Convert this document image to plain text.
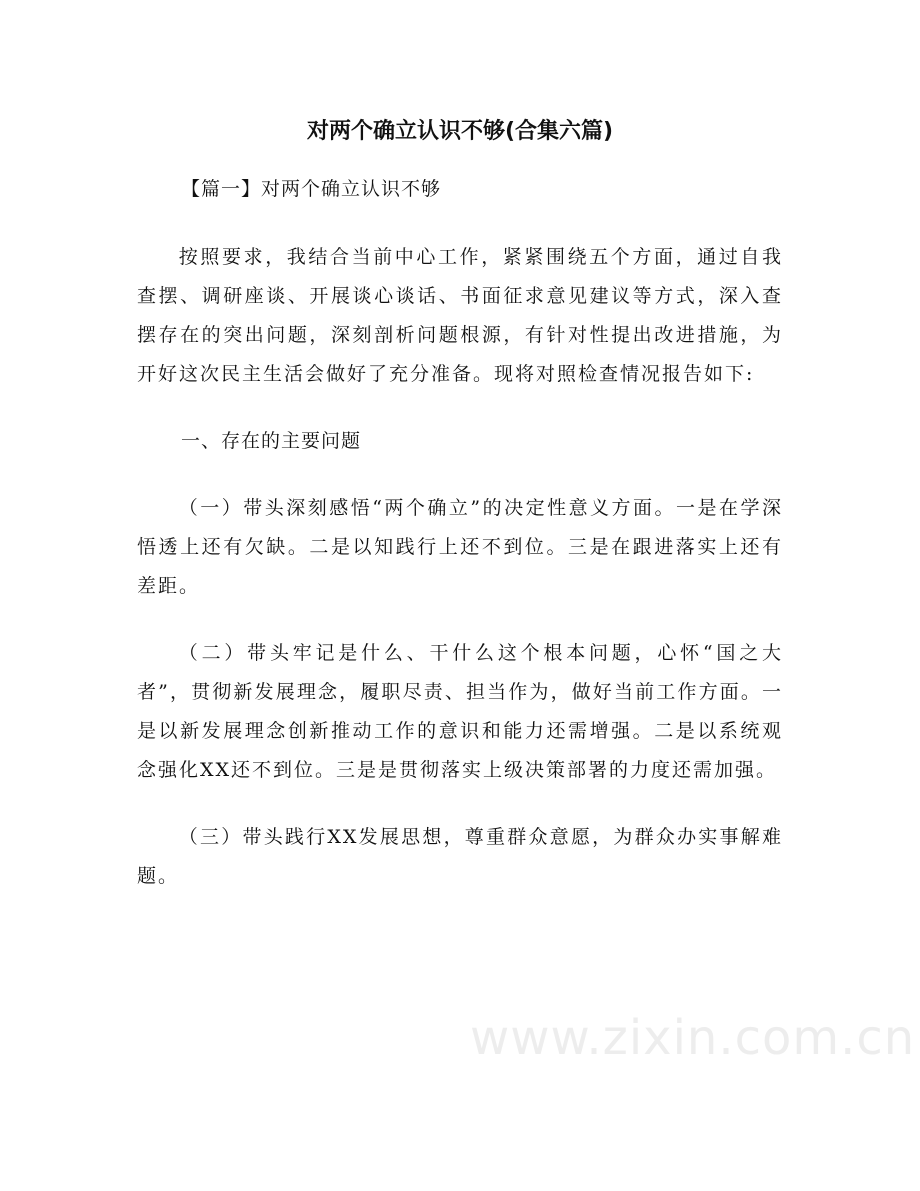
对两个确立认识不够(合集六篇)

【篇一】对两个确立认识不够

按照要求，我结合当前中心工作，紧紧围绕五个方面，通过自我查摆、调研座谈、开展谈心谈话、书面征求意见建议等方式，深入查摆存在的突出问题，深刻剖析问题根源，有针对性提出改进措施，为开好这次民主生活会做好了充分准备。现将对照检查情况报告如下:

一、存在的主要问题

（一）带头深刻感悟“两个确立”的决定性意义方面。一是在学深悟透上还有欠缺。二是以知践行上还不到位。三是在跟进落实上还有差距。

（二）带头牢记是什么、干什么这个根本问题，心怀“国之大者”，贯彻新发展理念，履职尽责、担当作为，做好当前工作方面。一是以新发展理念创新推动工作的意识和能力还需增强。二是以系统观念强化XX还不到位。三是是贯彻落实上级决策部署的力度还需加强。

（三）带头践行XX发展思想，尊重群众意愿，为群众办实事解难题。

www.zixin.com.cn
